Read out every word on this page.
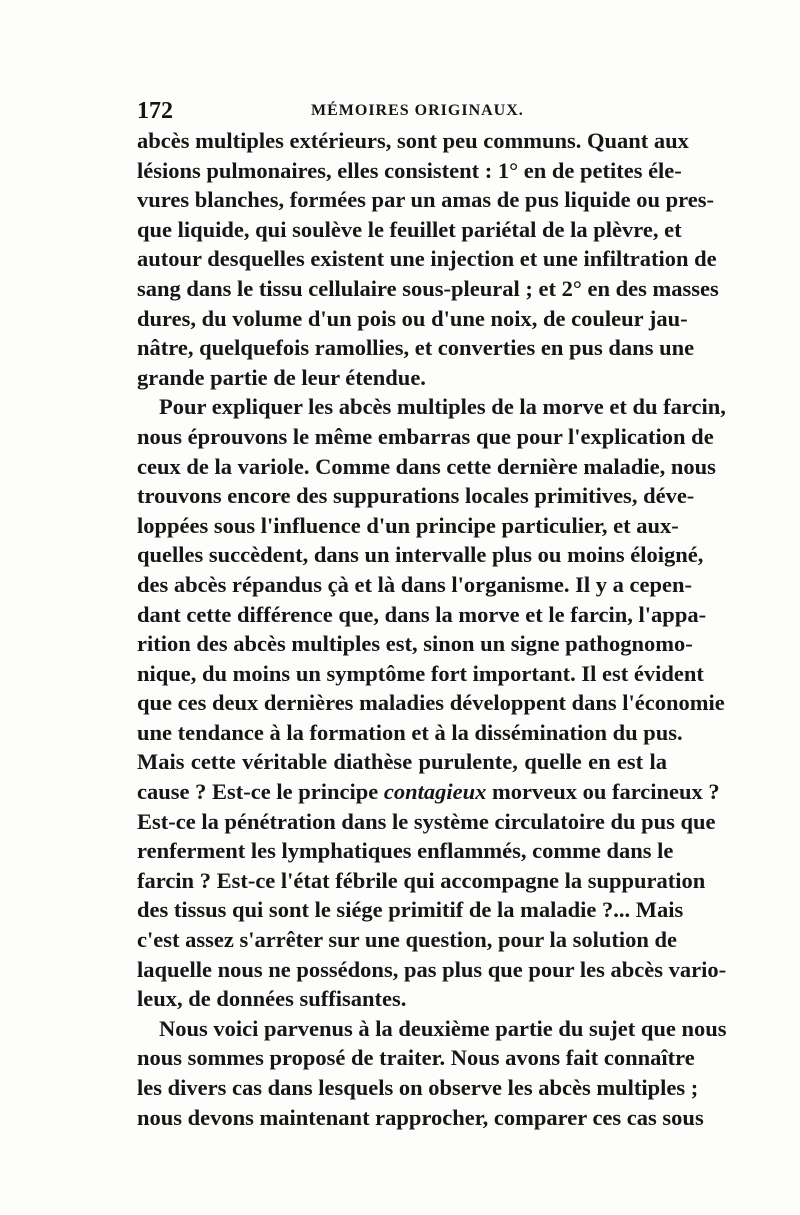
172	MÉMOIRES ORIGINAUX.
abcès multiples extérieurs, sont peu communs. Quant aux
lésions pulmonaires, elles consistent : 1° en de petites éle-
vures blanches, formées par un amas de pus liquide ou pres-
que liquide, qui soulève le feuillet pariétal de la plèvre, et
autour desquelles existent une injection et une infiltration de
sang dans le tissu cellulaire sous-pleural ; et 2° en des masses
dures, du volume d'un pois ou d'une noix, de couleur jau-
nâtre, quelquefois ramollies, et converties en pus dans une
grande partie de leur étendue.
Pour expliquer les abcès multiples de la morve et du farcin,
nous éprouvons le même embarras que pour l'explication de
ceux de la variole. Comme dans cette dernière maladie, nous
trouvons encore des suppurations locales primitives, déve-
loppées sous l'influence d'un principe particulier, et aux-
quelles succèdent, dans un intervalle plus ou moins éloigné,
des abcès répandus çà et là dans l'organisme. Il y a cepen-
dant cette différence que, dans la morve et le farcin, l'appa-
rition des abcès multiples est, sinon un signe pathognomo-
nique, du moins un symptôme fort important. Il est évident
que ces deux dernières maladies développent dans l'économie
une tendance à la formation et à la dissémination du pus.
Mais cette véritable diathèse purulente, quelle en est la
cause ? Est-ce le principe contagieux morveux ou farcineux ?
Est-ce la pénétration dans le système circulatoire du pus que
renferment les lymphatiques enflammés, comme dans le
farcin ? Est-ce l'état fébrile qui accompagne la suppuration
des tissus qui sont le siége primitif de la maladie ?... Mais
c'est assez s'arrêter sur une question, pour la solution de
laquelle nous ne possédons, pas plus que pour les abcès vario-
leux, de données suffisantes.
Nous voici parvenus à la deuxième partie du sujet que nous
nous sommes proposé de traiter. Nous avons fait connaître
les divers cas dans lesquels on observe les abcès multiples ;
nous devons maintenant rapprocher, comparer ces cas sous
